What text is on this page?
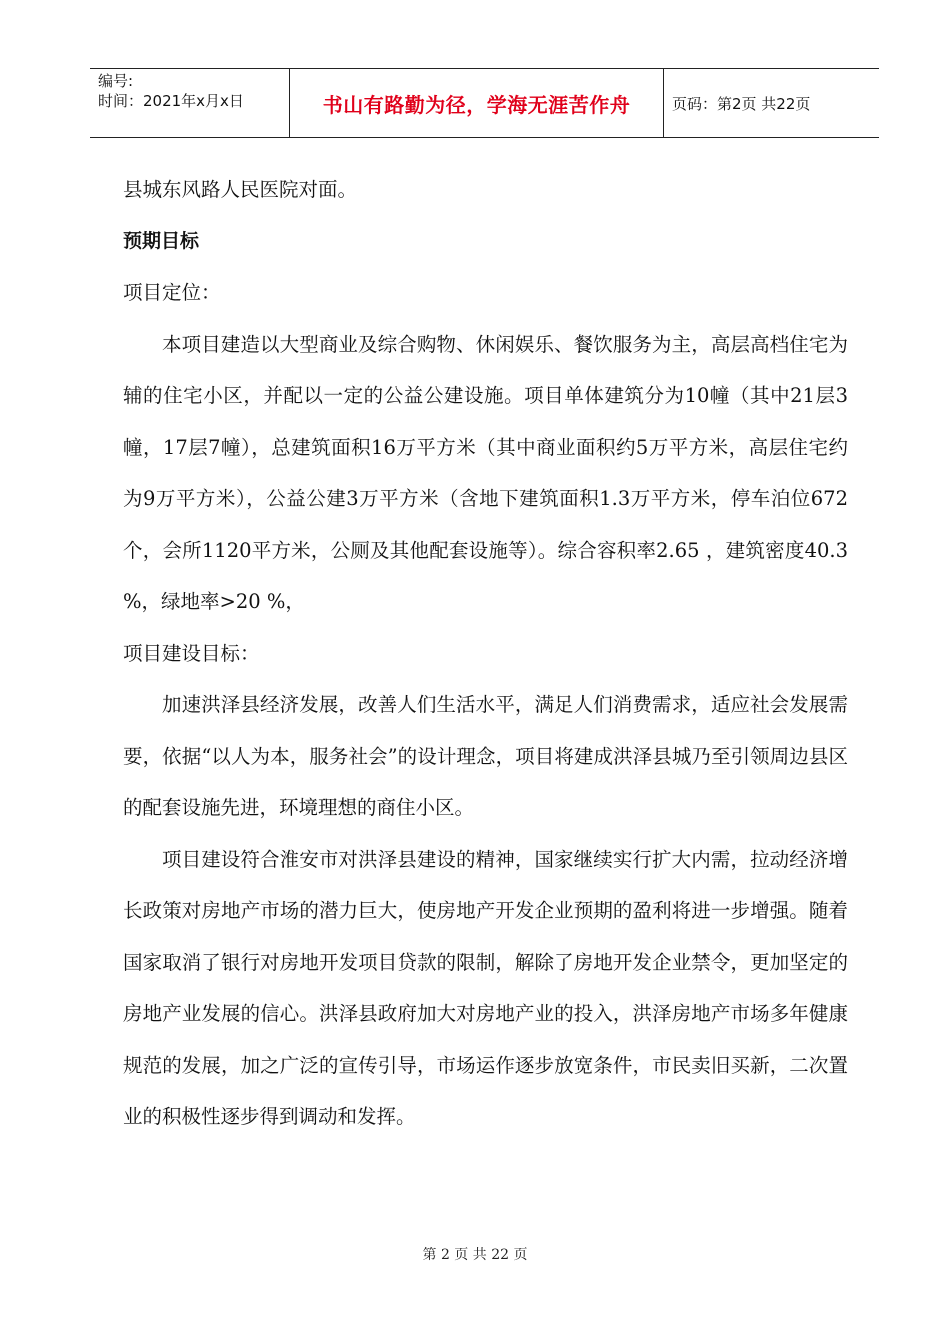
编号:
时间：2021年x月x日	书山有路勤为径，学海无涯苦作舟	页码：第2页 共22页
县城东风路人民医院对面。
预期目标
项目定位：

本项目建造以大型商业及综合购物、休闲娱乐、餐饮服务为主，高层高档住宅为辅的住宅小区，并配以一定的公益公建设施。项目单体建筑分为10幢（其中21层3幢，17层7幢），总建筑面积16万平方米（其中商业面积约5万平方米，高层住宅约为9万平方米），公益公建3万平方米（含地下建筑面积1.3万平方米，停车泊位672个，会所1120平方米，公厕及其他配套设施等）。综合容积率2.65 ，建筑密度40.3 %，绿地率>20 %，

项目建设目标：

加速洪泽县经济发展，改善人们生活水平，满足人们消费需求，适应社会发展需要，依据“以人为本，服务社会”的设计理念，项目将建成洪泽县城乃至引领周边县区的配套设施先进，环境理想的商住小区。

项目建设符合淮安市对洪泽县建设的精神，国家继续实行扩大内需，拉动经济增长政策对房地产市场的潜力巨大，使房地产开发企业预期的盈利将进一步增强。随着国家取消了银行对房地开发项目贷款的限制，解除了房地开发企业禁令，更加坚定的房地产业发展的信心。洪泽县政府加大对房地产业的投入，洪泽房地产市场多年健康规范的发展，加之广泛的宣传引导，市场运作逐步放宽条件，市民卖旧买新，二次置业的积极性逐步得到调动和发挥。

第 2 页 共 22 页
